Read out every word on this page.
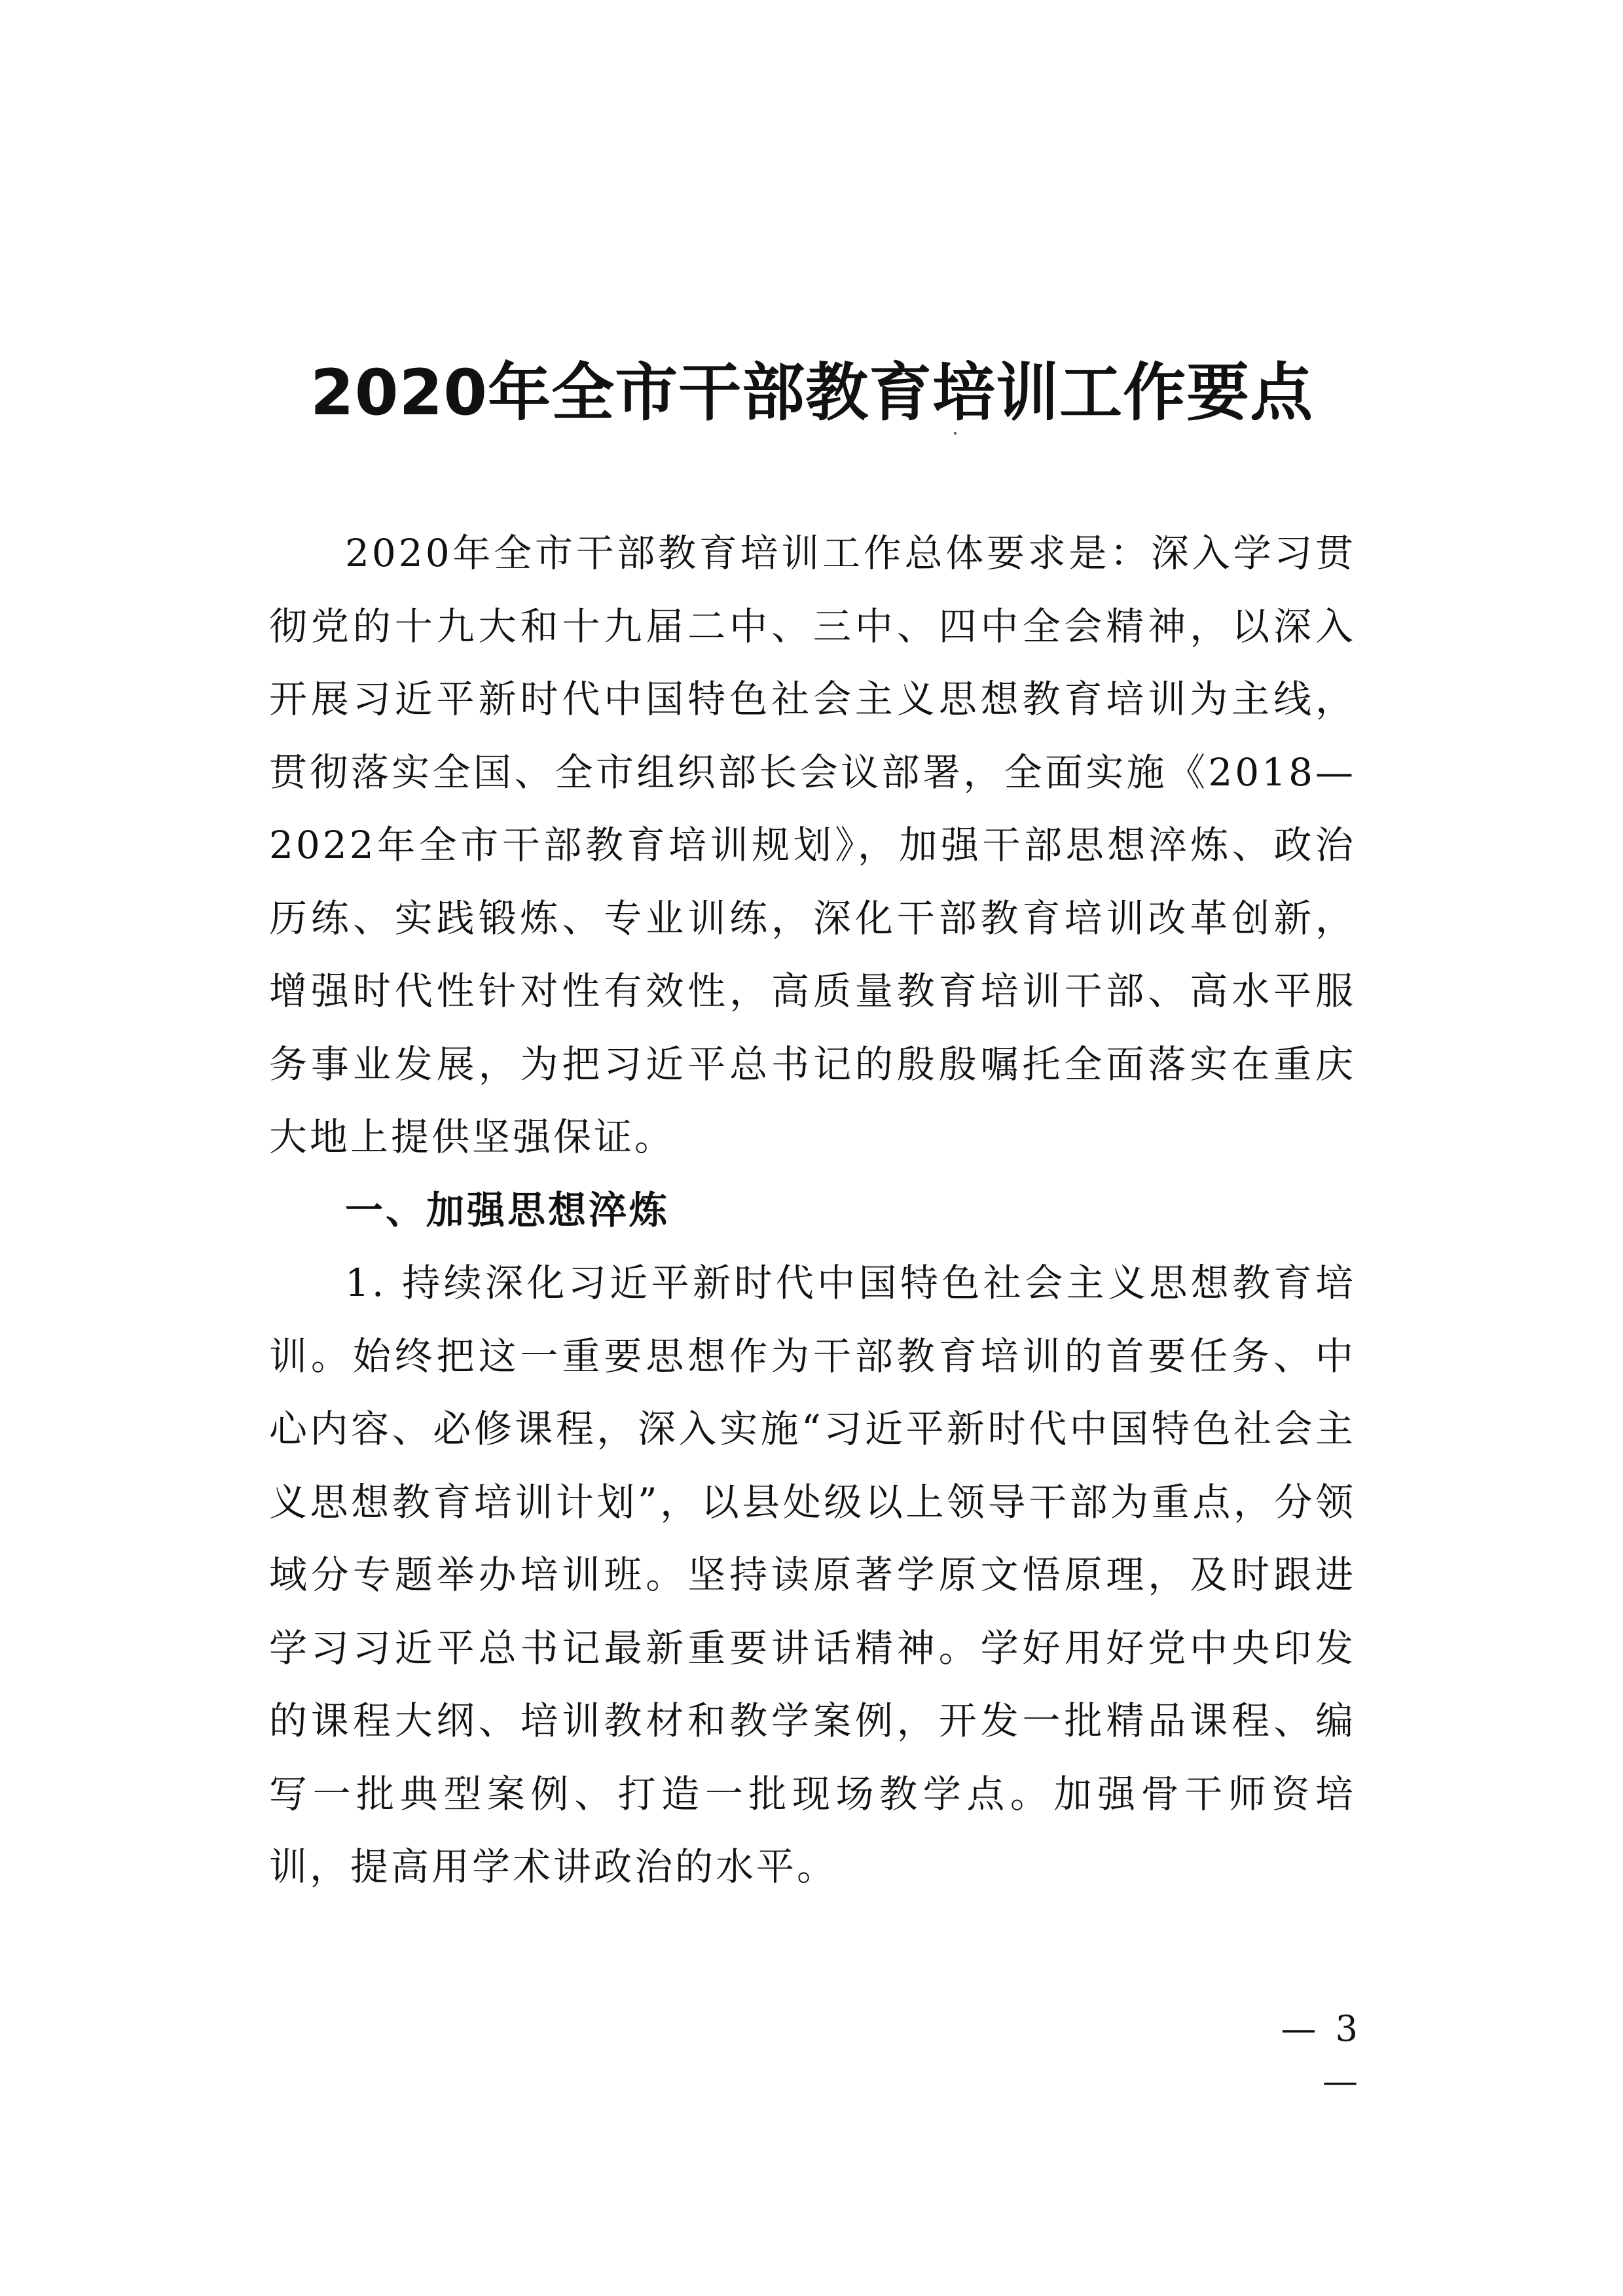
2020年全市干部教育培训工作要点

2020年全市干部教育培训工作总体要求是：深入学习贯彻党的十九大和十九届二中、三中、四中全会精神，以深入开展习近平新时代中国特色社会主义思想教育培训为主线，贯彻落实全国、全市组织部长会议部署，全面实施《2018—2022年全市干部教育培训规划》，加强干部思想淬炼、政治历练、实践锻炼、专业训练，深化干部教育培训改革创新，增强时代性针对性有效性，高质量教育培训干部、高水平服务事业发展，为把习近平总书记的殷殷嘱托全面落实在重庆大地上提供坚强保证。

一、加强思想淬炼

1. 持续深化习近平新时代中国特色社会主义思想教育培训。始终把这一重要思想作为干部教育培训的首要任务、中心内容、必修课程，深入实施“习近平新时代中国特色社会主义思想教育培训计划”，以县处级以上领导干部为重点，分领域分专题举办培训班。坚持读原著学原文悟原理，及时跟进学习习近平总书记最新重要讲话精神。学好用好党中央印发的课程大纲、培训教材和教学案例，开发一批精品课程、编写一批典型案例、打造一批现场教学点。加强骨干师资培训，提高用学术讲政治的水平。

— 3 —
